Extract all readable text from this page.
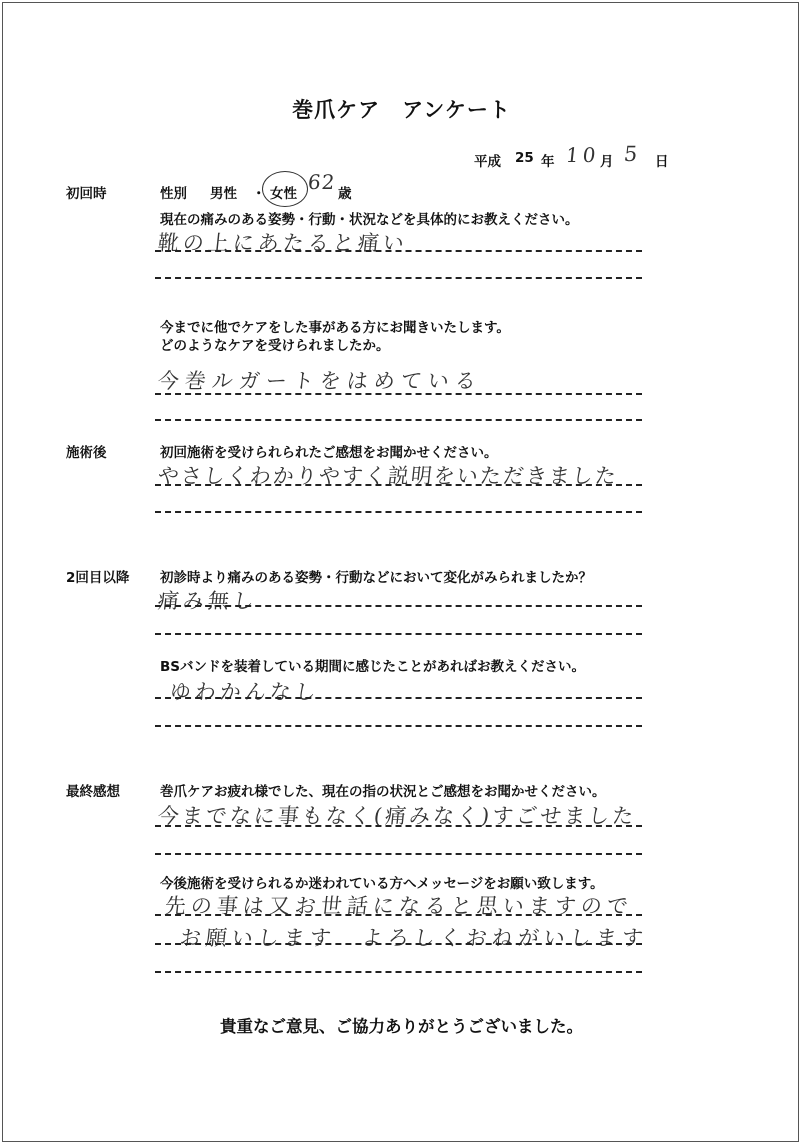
巻爪ケア　アンケート
平成 25 年 10 月 5 日
初回時	性別 男性 ・ 女性 62 歳
現在の痛みのある姿勢・行動・状況などを具体的にお教えください。
靴の上にあたると痛い
今までに他でケアをした事がある方にお聞きいたします。
どのようなケアを受けられましたか。
今巻ルガートをはめている
施術後	初回施術を受けられられたご感想をお聞かせください。
やさしくわかりやすく説明をいただきました
2回目以降 初診時より痛みのある姿勢・行動などにおいて変化がみられましたか？
痛み無し
BSバンドを装着している期間に感じたことがあればお教えください。
ゆわかんなし
最終感想	巻爪ケアお疲れ様でした、現在の指の状況とご感想をお聞かせください。
今までなに事もなく(痛みなく)すごせました
今後施術を受けられるか迷われている方へメッセージをお願い致します。
先の事は又お世話になると思いますので
お願いします　よろしくおねがいします
貴重なご意見、ご協力ありがとうございました。
